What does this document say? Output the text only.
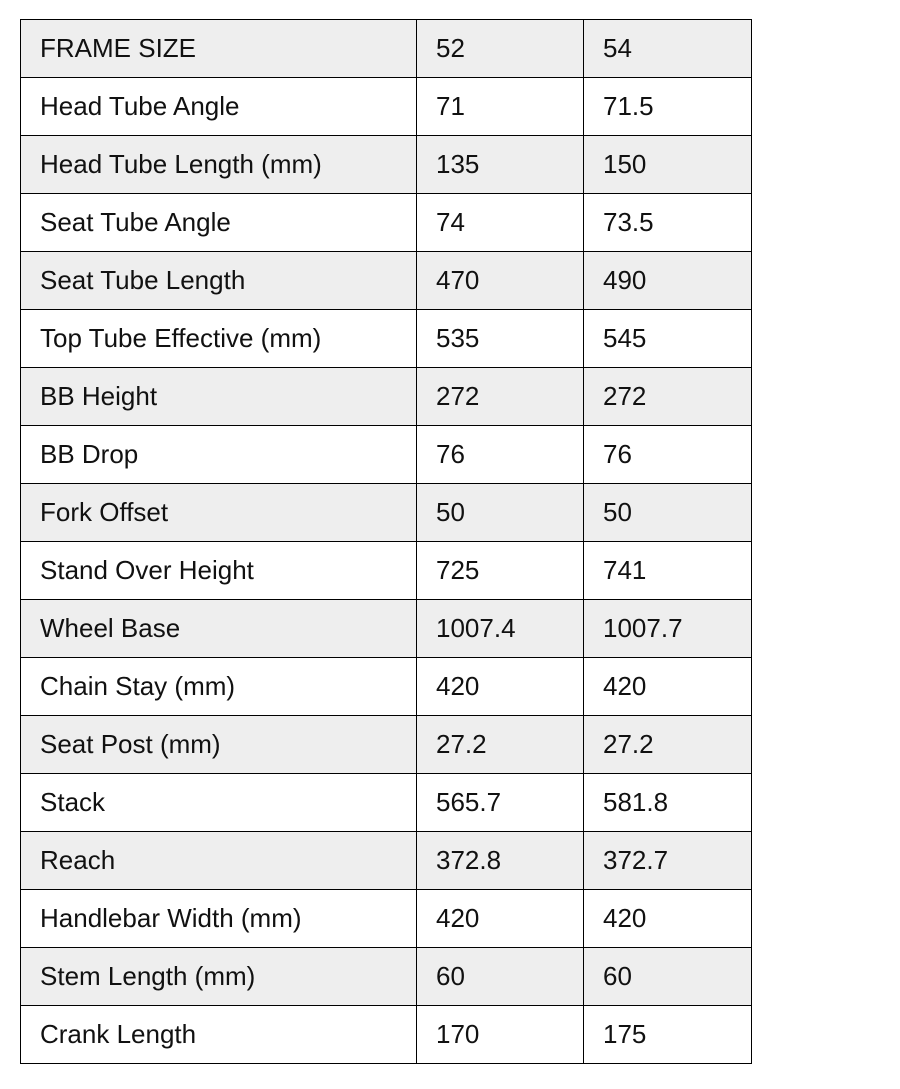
FRAME SIZE	52	54
Head Tube Angle	71	71.5
Head Tube Length (mm)	135	150
Seat Tube Angle	74	73.5
Seat Tube Length	470	490
Top Tube Effective (mm)	535	545
BB Height	272	272
BB Drop	76	76
Fork Offset	50	50
Stand Over Height	725	741
Wheel Base	1007.4	1007.7
Chain Stay (mm)	420	420
Seat Post (mm)	27.2	27.2
Stack	565.7	581.8
Reach	372.8	372.7
Handlebar Width (mm)	420	420
Stem Length (mm)	60	60
Crank Length	170	175
